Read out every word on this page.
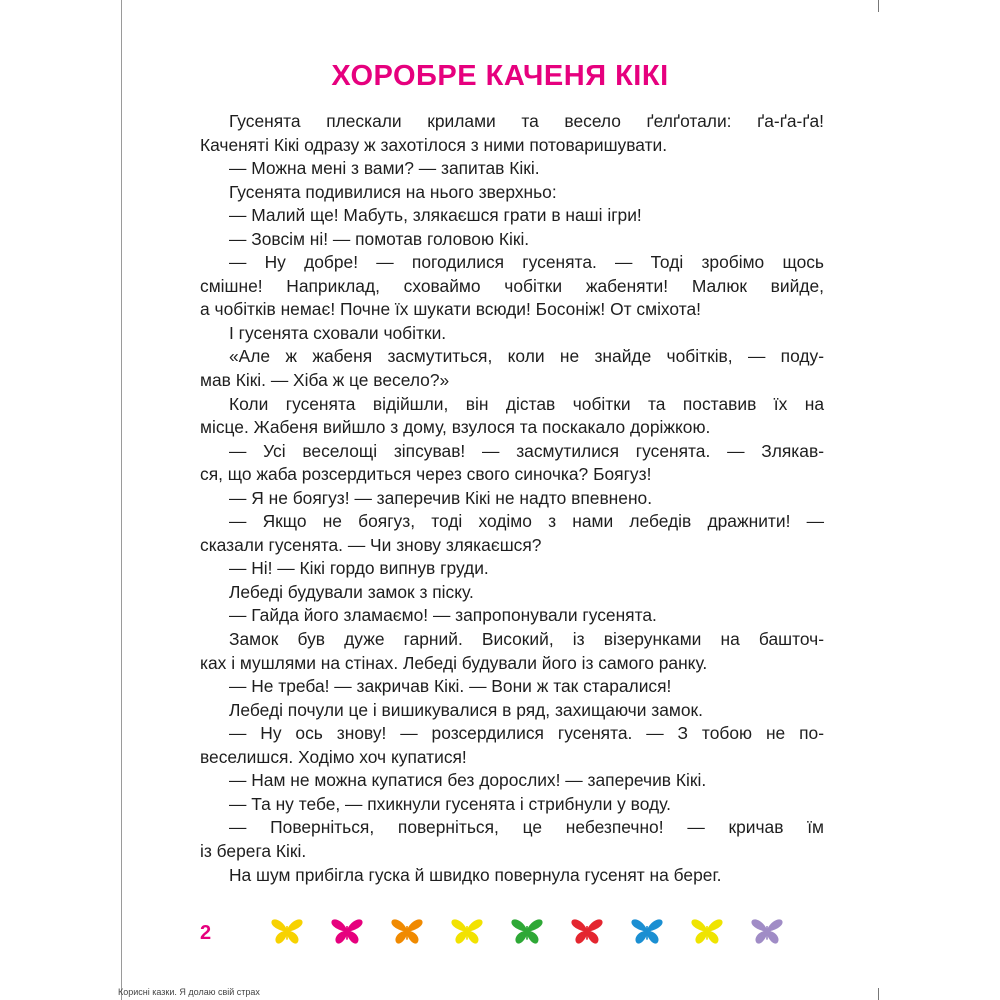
ХОРОБРЕ КАЧЕНЯ КІКІ
Гусенята плескали крилами та весело ґелґотали: ґа-ґа-ґа!
Каченяті Кікі одразу ж захотілося з ними потоваришувати.
— Можна мені з вами? — запитав Кікі.
Гусенята подивилися на нього зверхньо:
— Малий ще! Мабуть, злякаєшся грати в наші ігри!
— Зовсім ні! — помотав головою Кікі.
— Ну добре! — погодилися гусенята. — Тоді зробімо щось
смішне! Наприклад, сховаймо чобітки жабеняти! Малюк вийде,
а чобітків немає! Почне їх шукати всюди! Босоніж! От сміхота!
І гусенята сховали чобітки.
«Але ж жабеня засмутиться, коли не знайде чобітків, — поду-
мав Кікі. — Хіба ж це весело?»
Коли гусенята відійшли, він дістав чобітки та поставив їх на
місце. Жабеня вийшло з дому, взулося та поскакало доріжкою.
— Усі веселощі зіпсував! — засмутилися гусенята. — Злякав-
ся, що жаба розсердиться через свого синочка? Боягуз!
— Я не боягуз! — заперечив Кікі не надто впевнено.
— Якщо не боягуз, тоді ходімо з нами лебедів дражнити! —
сказали гусенята. — Чи знову злякаєшся?
— Ні! — Кікі гордо випнув груди.
Лебеді будували замок з піску.
— Гайда його зламаємо! — запропонували гусенята.
Замок був дуже гарний. Високий, із візерунками на башточ-
ках і мушлями на стінах. Лебеді будували його із самого ранку.
— Не треба! — закричав Кікі. — Вони ж так старалися!
Лебеді почули це і вишикувалися в ряд, захищаючи замок.
— Ну ось знову! — розсердилися гусенята. — З тобою не по-
веселишся. Ходімо хоч купатися!
— Нам не можна купатися без дорослих! — заперечив Кікі.
— Та ну тебе, — пхикнули гусенята і стрибнули у воду.
— Поверніться, поверніться, це небезпечно! — кричав їм
із берега Кікі.
На шум прибігла гуска й швидко повернула гусенят на берег.
2
Корисні казки. Я долаю свій страх
